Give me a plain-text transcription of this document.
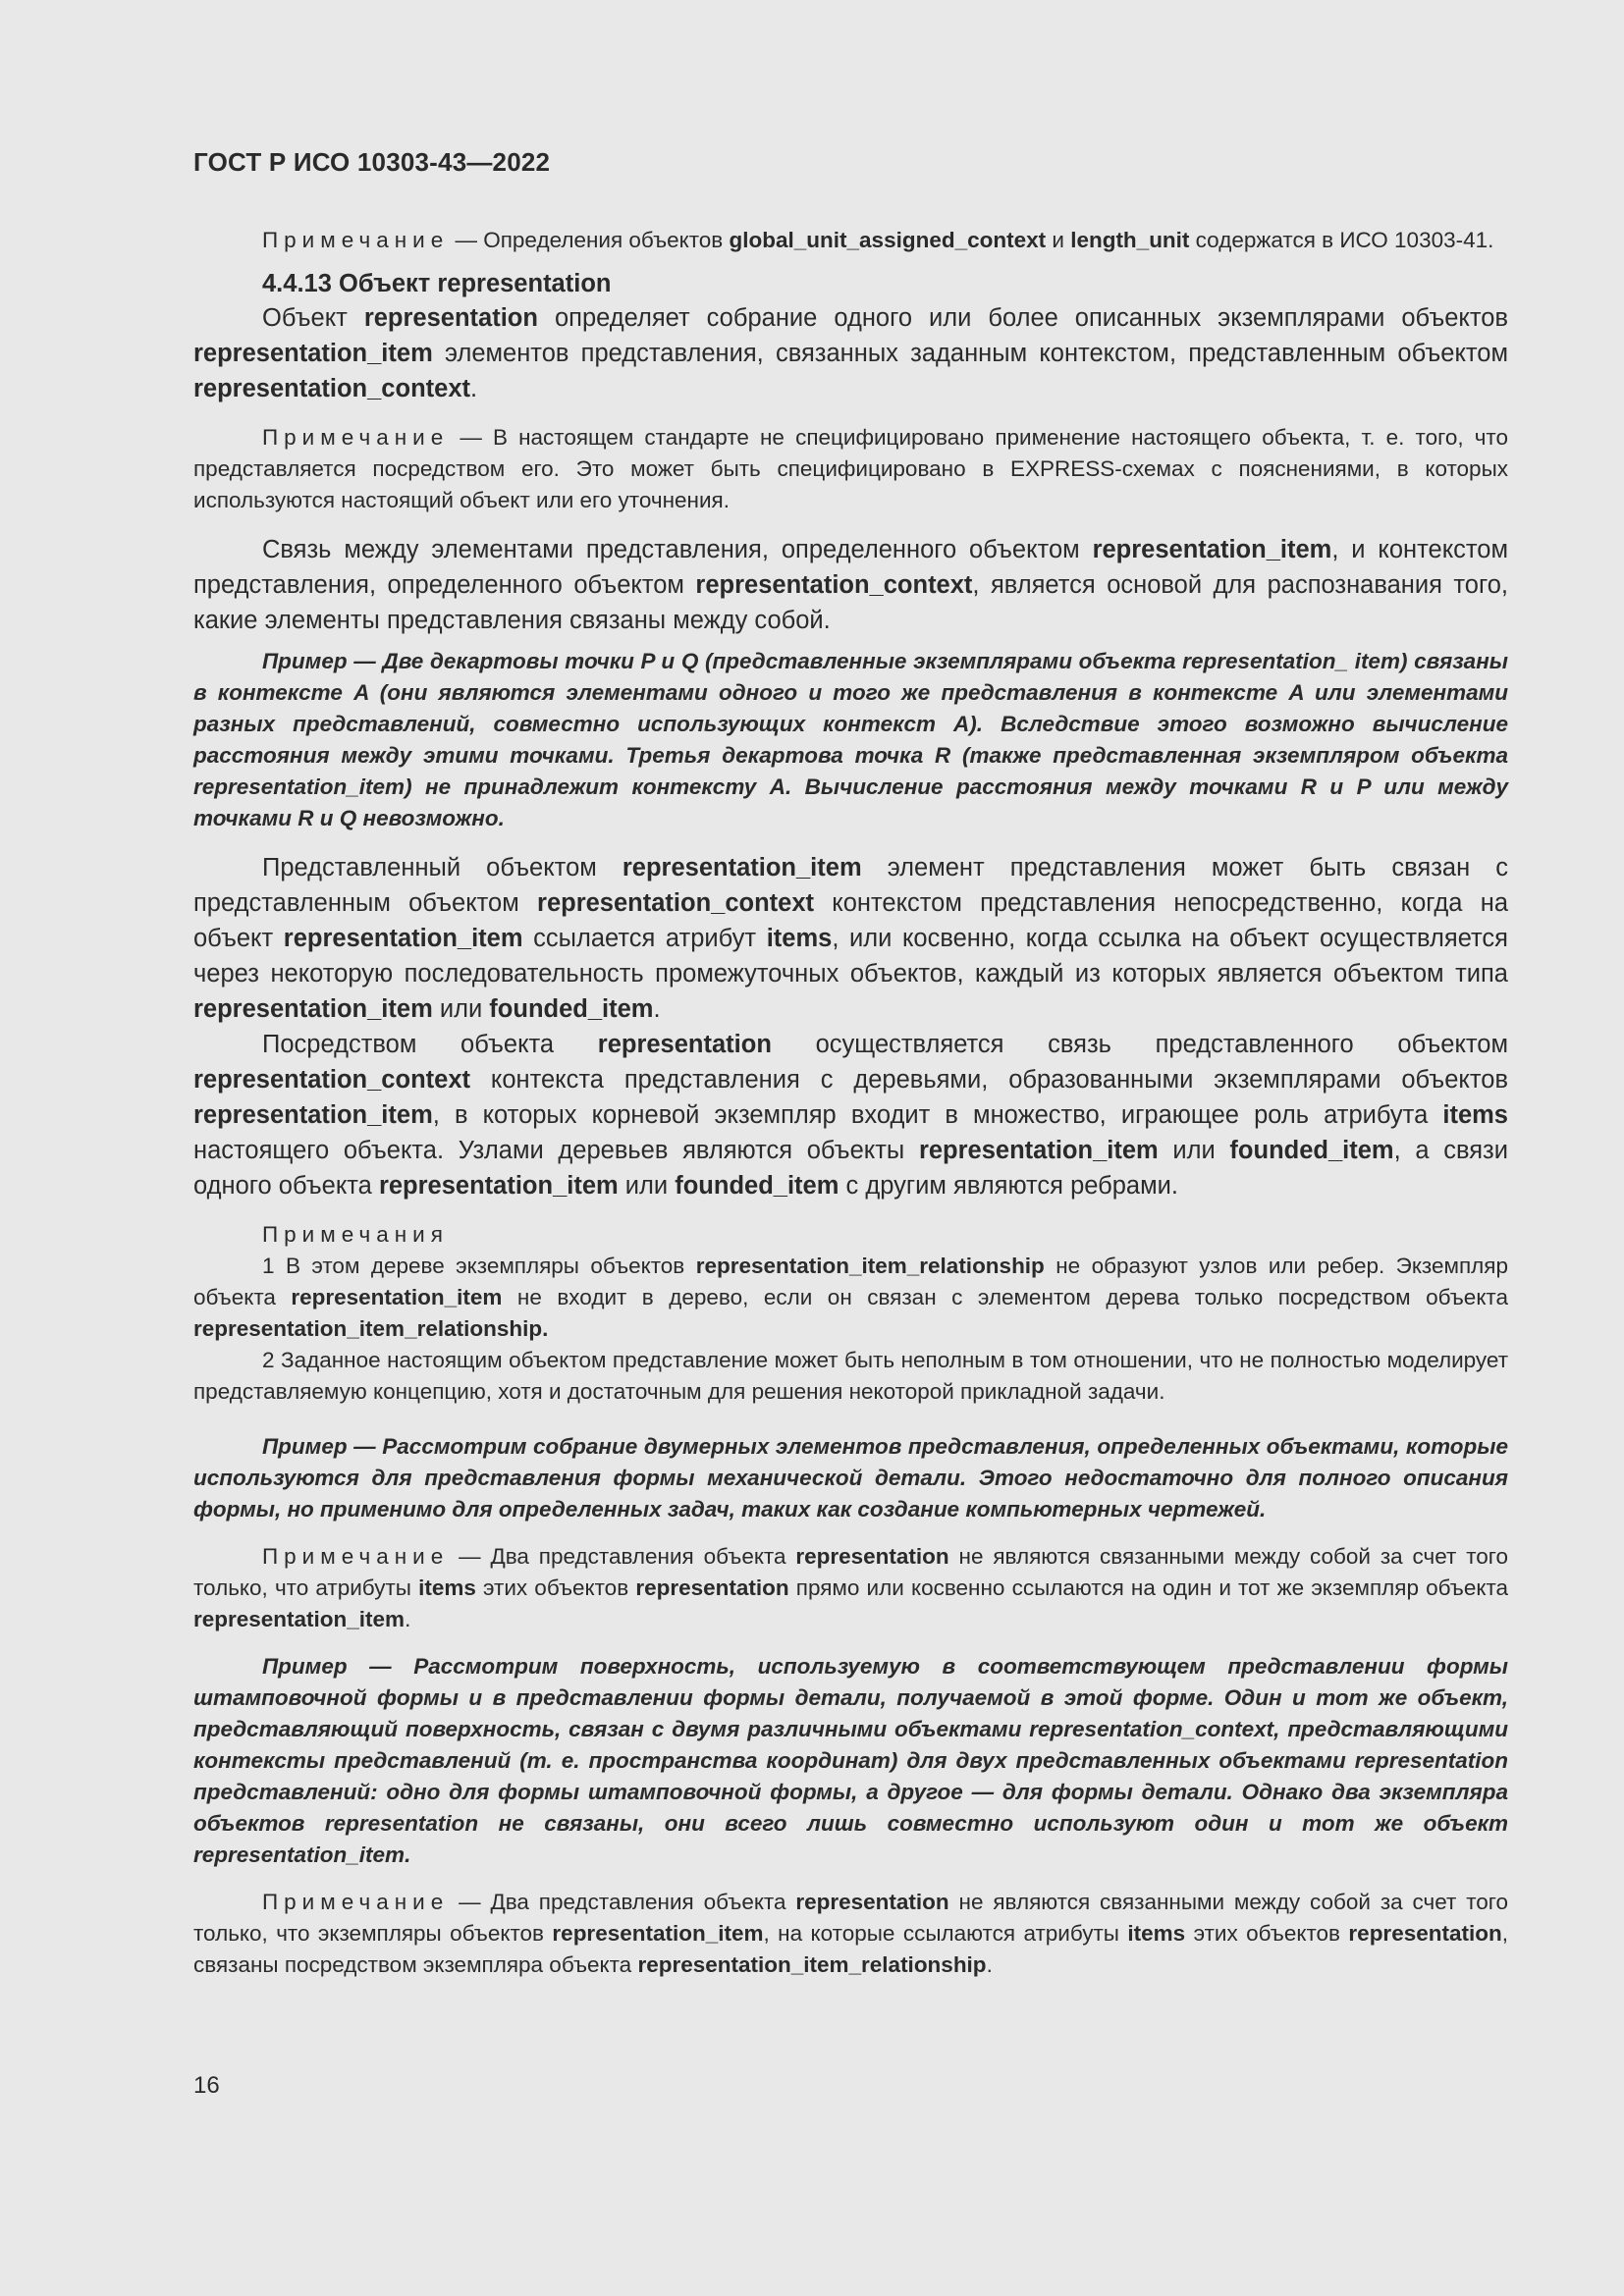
ГОСТ Р ИСО 10303-43—2022

Примечание — Определения объектов global_unit_assigned_context и length_unit содержатся в ИСО 10303-41.

4.4.13 Объект representation

Объект representation определяет собрание одного или более описанных экземплярами объектов representation_item элементов представления, связанных заданным контекстом, представленным объектом representation_context.

Примечание — В настоящем стандарте не специфицировано применение настоящего объекта, т. е. того, что представляется посредством его. Это может быть специфицировано в EXPRESS-схемах с пояснениями, в которых используются настоящий объект или его уточнения.

Связь между элементами представления, определенного объектом representation_item, и контекстом представления, определенного объектом representation_context, является основой для распознавания того, какие элементы представления связаны между собой.

Пример — Две декартовы точки P и Q (представленные экземплярами объекта representation_ item) связаны в контексте A (они являются элементами одного и того же представления в контексте A или элементами разных представлений, совместно использующих контекст A). Вследствие этого возможно вычисление расстояния между этими точками. Третья декартова точка R (также представленная экземпляром объекта representation_item) не принадлежит контексту A. Вычисление расстояния между точками R и P или между точками R и Q невозможно.

Представленный объектом representation_item элемент представления может быть связан с представленным объектом representation_context контекстом представления непосредственно, когда на объект representation_item ссылается атрибут items, или косвенно, когда ссылка на объект осуществляется через некоторую последовательность промежуточных объектов, каждый из которых является объектом типа representation_item или founded_item.

Посредством объекта representation осуществляется связь представленного объектом representation_context контекста представления с деревьями, образованными экземплярами объектов representation_item, в которых корневой экземпляр входит в множество, играющее роль атрибута items настоящего объекта. Узлами деревьев являются объекты representation_item или founded_item, а связи одного объекта representation_item или founded_item с другим являются ребрами.

Примечания

1 В этом дереве экземпляры объектов representation_item_relationship не образуют узлов или ребер. Экземпляр объекта representation_item не входит в дерево, если он связан с элементом дерева только посредством объекта representation_item_relationship.

2 Заданное настоящим объектом представление может быть неполным в том отношении, что не полностью моделирует представляемую концепцию, хотя и достаточным для решения некоторой прикладной задачи.

Пример — Рассмотрим собрание двумерных элементов представления, определенных объектами, которые используются для представления формы механической детали. Этого недостаточно для полного описания формы, но применимо для определенных задач, таких как создание компьютерных чертежей.

Примечание — Два представления объекта representation не являются связанными между собой за счет того только, что атрибуты items этих объектов representation прямо или косвенно ссылаются на один и тот же экземпляр объекта representation_item.

Пример — Рассмотрим поверхность, используемую в соответствующем представлении формы штамповочной формы и в представлении формы детали, получаемой в этой форме. Один и тот же объект, представляющий поверхность, связан с двумя различными объектами representation_context, представляющими контексты представлений (т. е. пространства координат) для двух представленных объектами representation представлений: одно для формы штамповочной формы, а другое — для формы детали. Однако два экземпляра объектов representation не связаны, они всего лишь совместно используют один и тот же объект representation_item.

Примечание — Два представления объекта representation не являются связанными между собой за счет того только, что экземпляры объектов representation_item, на которые ссылаются атрибуты items этих объектов representation, связаны посредством экземпляра объекта representation_item_relationship.

16
